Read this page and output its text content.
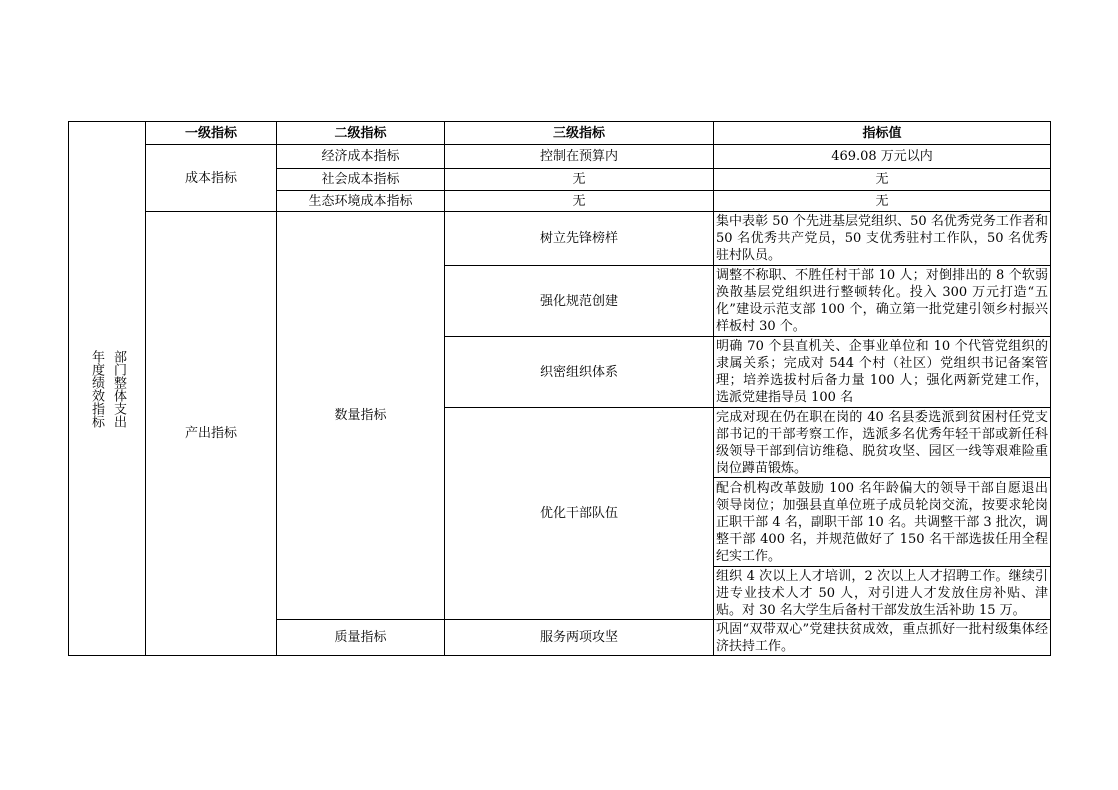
年度绩效指标 部门整体支出	一级指标	二级指标	三级指标	指标值
	成本指标	经济成本指标	控制在预算内	469.08 万元以内
		社会成本指标	无	无
		生态环境成本指标	无	无
	产出指标	数量指标	树立先锋榜样	集中表彰 50 个先进基层党组织、50 名优秀党务工作者和 50 名优秀共产党员，50 支优秀驻村工作队，50 名优秀驻村队员。

			强化规范创建	调整不称职、不胜任村干部 10 人；对倒排出的 8 个软弱涣散基层党组织进行整顿转化。投入 300 万元打造“五化”建设示范支部 100 个，确立第一批党建引领乡村振兴样板村 30 个。

			织密组织体系	明确 70 个县直机关、企事业单位和 10 个代管党组织的隶属关系；完成对 544 个村（社区）党组织书记备案管理；培养选拔村后备力量 100 人；强化两新党建工作，选派党建指导员 100 名

			优化干部队伍	完成对现在仍在职在岗的 40 名县委选派到贫困村任党支部书记的干部考察工作，选派多名优秀年轻干部或新任科级领导干部到信访维稳、脱贫攻坚、园区一线等艰难险重岗位蹲苗锻炼。

				配合机构改革鼓励 100 名年龄偏大的领导干部自愿退出领导岗位；加强县直单位班子成员轮岗交流，按要求轮岗正职干部 4 名，副职干部 10 名。共调整干部 3 批次，调整干部 400 名，并规范做好了 150 名干部选拔任用全程纪实工作。

				组织 4 次以上人才培训，2 次以上人才招聘工作。继续引进专业技术人才 50 人，对引进人才发放住房补贴、津贴。对 30 名大学生后备村干部发放生活补助 15 万。

		质量指标	服务两项攻坚	巩固“双带双心”党建扶贫成效，重点抓好一批村级集体经济扶持工作。
